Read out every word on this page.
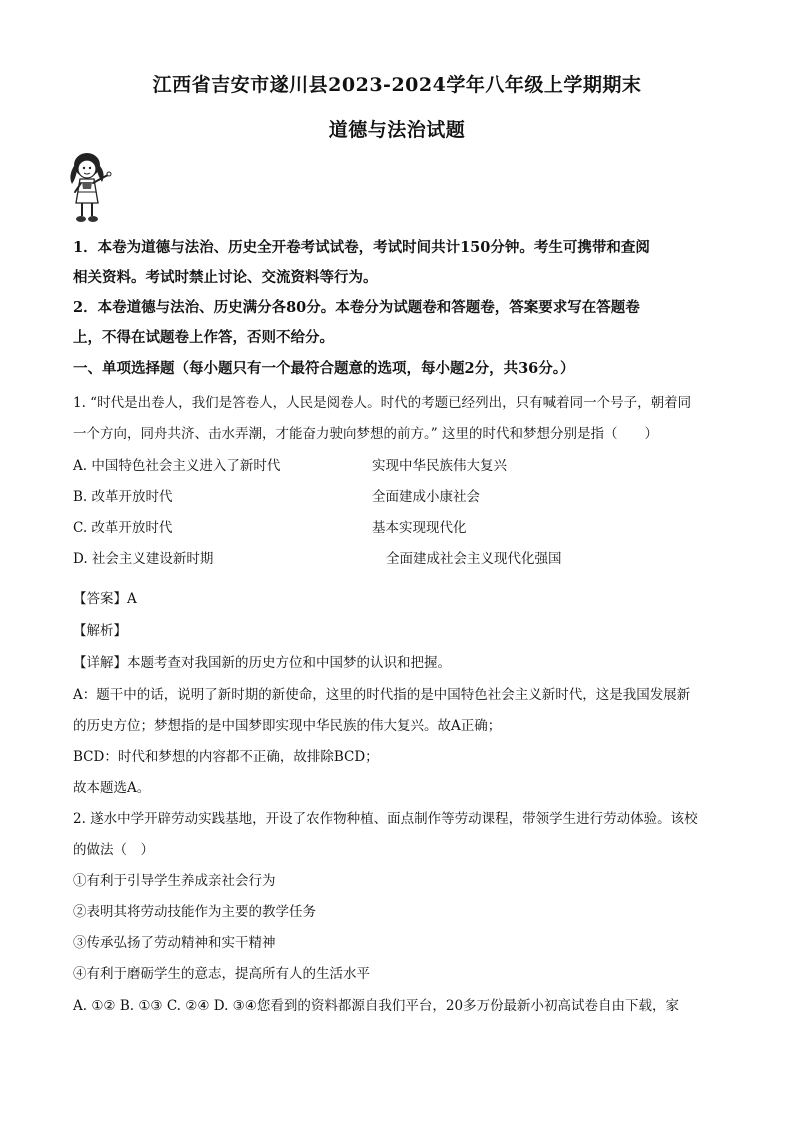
江西省吉安市遂川县2023-2024学年八年级上学期期末
道德与法治试题
1．本卷为道德与法治、历史全开卷考试试卷，考试时间共计150分钟。考生可携带和查阅
相关资料。考试时禁止讨论、交流资料等行为。
2．本卷道德与法治、历史满分各80分。本卷分为试题卷和答题卷，答案要求写在答题卷
上，不得在试题卷上作答，否则不给分。
一、单项选择题（每小题只有一个最符合题意的选项，每小题2分，共36分。）
1. “时代是出卷人，我们是答卷人，人民是阅卷人。时代的考题已经列出，只有喊着同一个号子，朝着同
一个方向，同舟共济、击水弄潮，才能奋力驶向梦想的前方。” 这里的时代和梦想分别是指（　　）
A. 中国特色社会主义进入了新时代	实现中华民族伟大复兴
B. 改革开放时代	全面建成小康社会
C. 改革开放时代	基本实现现代化
D. 社会主义建设新时期	全面建成社会主义现代化强国
【答案】A
【解析】
【详解】本题考查对我国新的历史方位和中国梦的认识和把握。
A：题干中的话，说明了新时期的新使命，这里的时代指的是中国特色社会主义新时代，这是我国发展新
的历史方位；梦想指的是中国梦即实现中华民族的伟大复兴。故A正确；
BCD：时代和梦想的内容都不正确，故排除BCD；
故本题选A。
2. 遂水中学开辟劳动实践基地，开设了农作物种植、面点制作等劳动课程，带领学生进行劳动体验。该校
的做法（　）
①有利于引导学生养成亲社会行为
②表明其将劳动技能作为主要的教学任务
③传承弘扬了劳动精神和实干精神
④有利于磨砺学生的意志，提高所有人的生活水平
A. ①② B. ①③ C. ②④ D. ③④您看到的资料都源自我们平台，20多万份最新小初高试卷自由下载，家
